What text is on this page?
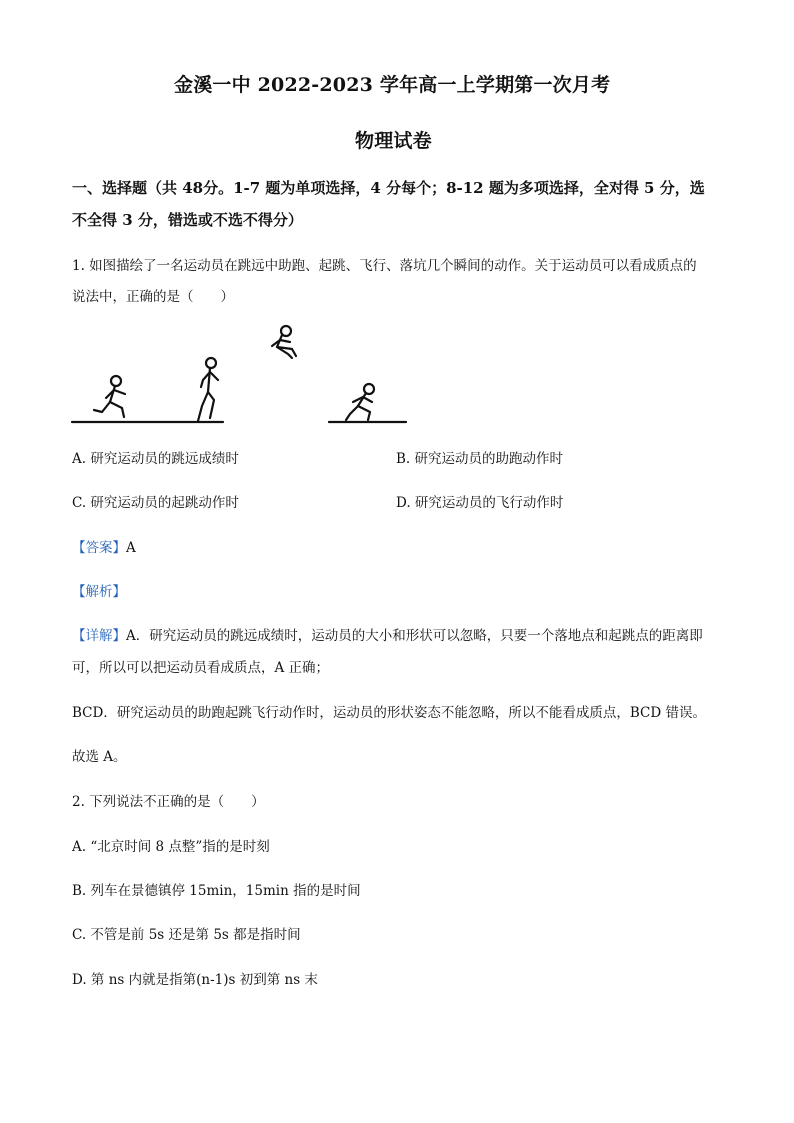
金溪一中 2022-2023 学年高一上学期第一次月考
物理试卷
一、选择题（共 48分。1-7 题为单项选择，4 分每个；8-12 题为多项选择，全对得 5 分，选
不全得 3 分，错选或不选不得分）
1. 如图描绘了一名运动员在跳远中助跑、起跳、飞行、落坑几个瞬间的动作。关于运动员可以看成质点的
说法中，正确的是（　　）
A. 研究运动员的跳远成绩时	B. 研究运动员的助跑动作时
C. 研究运动员的起跳动作时	D. 研究运动员的飞行动作时
【答案】A
【解析】
【详解】A．研究运动员的跳远成绩时，运动员的大小和形状可以忽略，只要一个落地点和起跳点的距离即
可，所以可以把运动员看成质点，A 正确；
BCD．研究运动员的助跑起跳飞行动作时，运动员的形状姿态不能忽略，所以不能看成质点，BCD 错误。
故选 A。
2. 下列说法不正确的是（　　）
A. “北京时间 8 点整”指的是时刻
B. 列车在景德镇停 15min，15min 指的是时间
C. 不管是前 5s 还是第 5s 都是指时间
D. 第 ns 内就是指第(n-1)s 初到第 ns 末
